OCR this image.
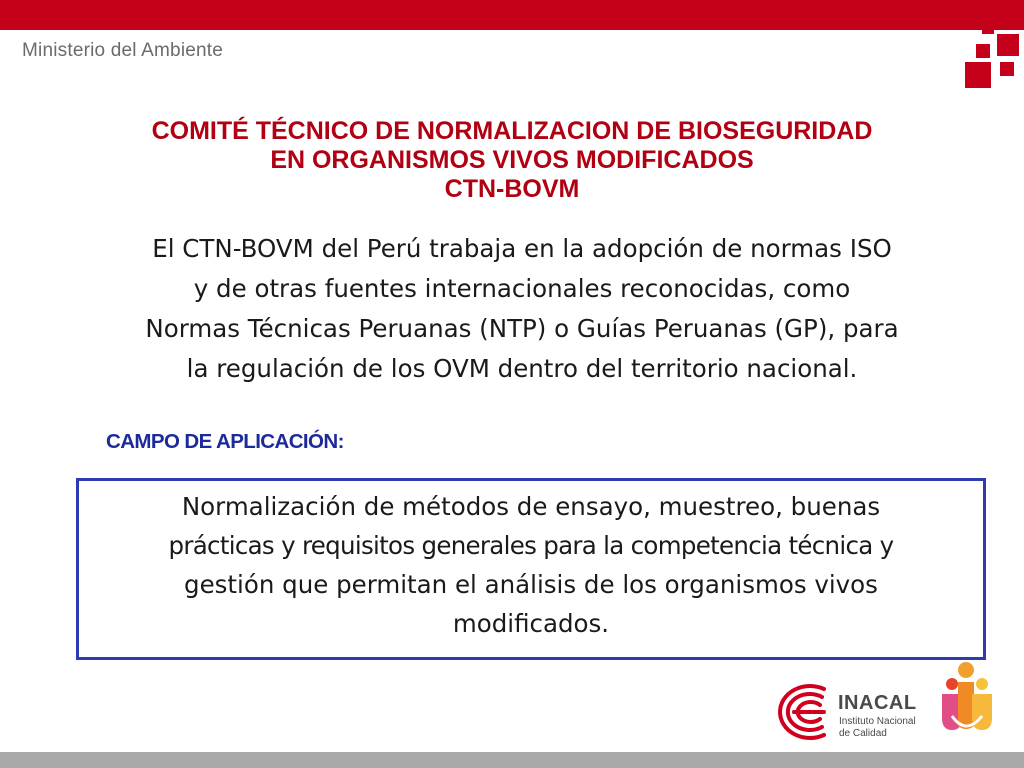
Ministerio del Ambiente
COMITÉ TÉCNICO DE NORMALIZACION DE BIOSEGURIDAD
EN ORGANISMOS VIVOS MODIFICADOS
CTN-BOVM
El CTN-BOVM del Perú trabaja en la adopción de normas ISO
y de otras fuentes internacionales reconocidas, como
Normas Técnicas Peruanas (NTP) o Guías Peruanas (GP), para
la regulación de los OVM dentro del territorio nacional.
CAMPO DE APLICACIÓN:
Normalización de métodos de ensayo, muestreo, buenas
prácticas y requisitos generales para la competencia técnica y
gestión que permitan el análisis de los organismos vivos
modificados.
INACAL
Instituto Nacional
de Calidad
